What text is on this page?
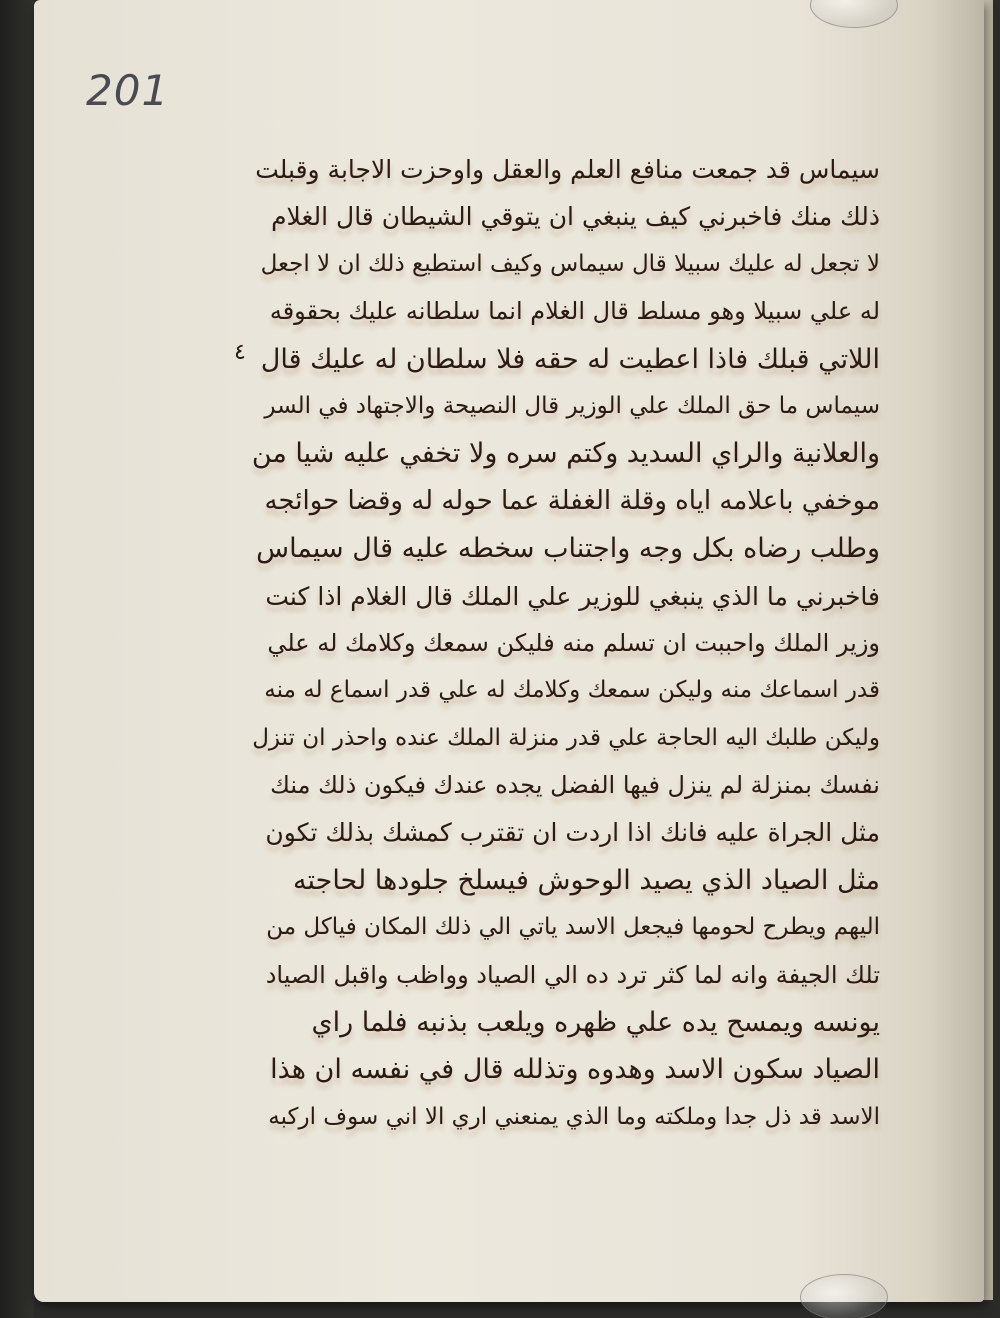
201
٤
سيماس قد جمعت منافع العلم والعقل واوحزت الاجابة وقبلت
ذلك منك فاخبرني كيف ينبغي ان يتوقي الشيطان قال الغلام
لا تجعل له عليك سبيلا قال سيماس وكيف استطيع ذلك ان لا اجعل
له علي سبيلا وهو مسلط قال الغلام انما سلطانه عليك بحقوقه
اللاتي قبلك فاذا اعطيت له حقه فلا سلطان له عليك قال
سيماس ما حق الملك علي الوزير قال النصيحة والاجتهاد في السر
والعلانية والراي السديد وكتم سره ولا تخفي عليه شيا من
موخفي باعلامه اياه وقلة الغفلة عما حوله له وقضا حوائجه
وطلب رضاه بكل وجه واجتناب سخطه عليه قال سيماس
فاخبرني ما الذي ينبغي للوزير علي الملك قال الغلام اذا كنت
وزير الملك واحببت ان تسلم منه فليكن سمعك وكلامك له علي
قدر اسماعك منه وليكن سمعك وكلامك له علي قدر اسماع له منه
وليكن طلبك اليه الحاجة علي قدر منزلة الملك عنده واحذر ان تنزل
نفسك بمنزلة لم ينزل فيها الفضل يجده عندك فيكون ذلك منك
مثل الجراة عليه فانك اذا اردت ان تقترب كمشك بذلك تكون
مثل الصياد الذي يصيد الوحوش فيسلخ جلودها لحاجته
اليهم ويطرح لحومها فيجعل الاسد ياتي الي ذلك المكان فياكل من
تلك الجيفة وانه لما كثر ترد ده الي الصياد وواظب واقبل الصياد
يونسه ويمسح يده علي ظهره ويلعب بذنبه فلما راي
الصياد سكون الاسد وهدوه وتذلله قال في نفسه ان هذا
الاسد قد ذل جدا وملكته وما الذي يمنعني اري الا اني سوف اركبه
